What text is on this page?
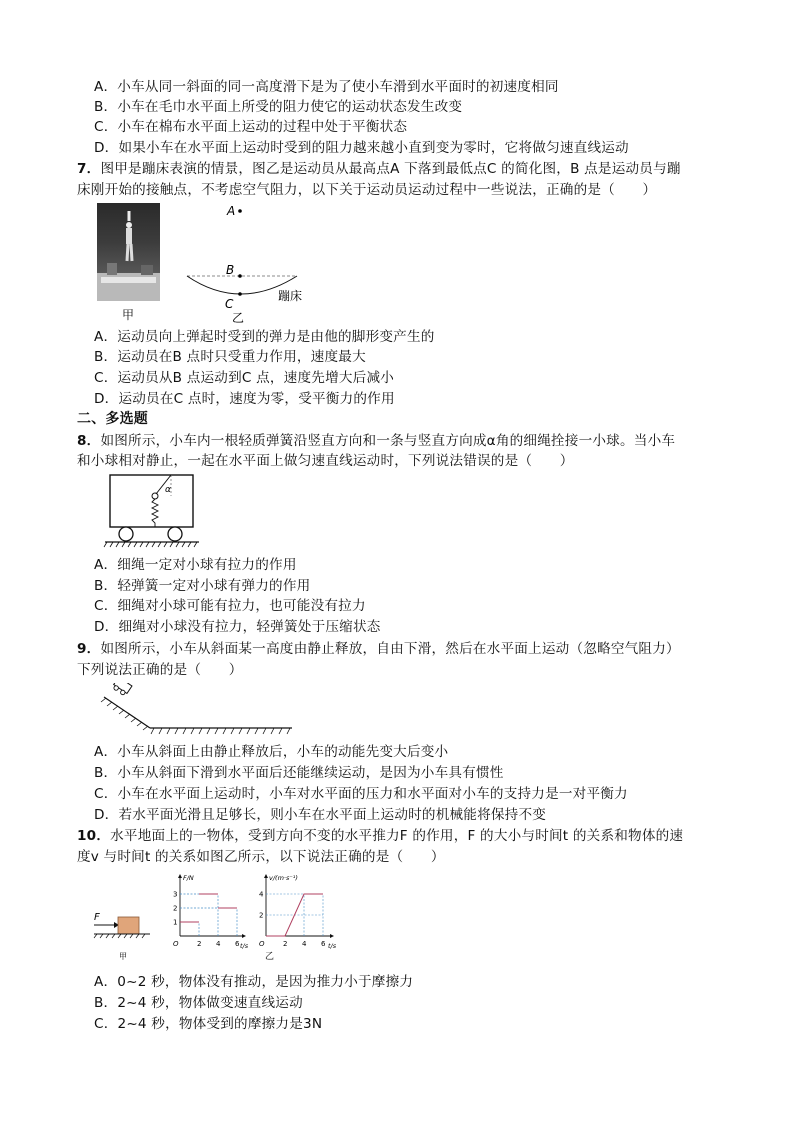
A．小车从同一斜面的同一高度滑下是为了使小车滑到水平面时的初速度相同
B．小车在毛巾水平面上所受的阻力使它的运动状态发生改变
C．小车在棉布水平面上运动的过程中处于平衡状态
D．如果小车在水平面上运动时受到的阻力越来越小直到变为零时，它将做匀速直线运动
7．图甲是蹦床表演的情景，图乙是运动员从最高点A 下落到最低点C 的简化图，B 点是运动员与蹦
床刚开始的接触点，不考虑空气阻力，以下关于运动员运动过程中一些说法，正确的是（　　）
甲
A
B
C
蹦床
乙
A．运动员向上弹起时受到的弹力是由他的脚形变产生的
B．运动员在B 点时只受重力作用，速度最大
C．运动员从B 点运动到C 点，速度先增大后减小
D．运动员在C 点时，速度为零，受平衡力的作用
二、多选题
8．如图所示，小车内一根轻质弹簧沿竖直方向和一条与竖直方向成α角的细绳拴接一小球。当小车
和小球相对静止，一起在水平面上做匀速直线运动时，下列说法错误的是（　　）
α
A．细绳一定对小球有拉力的作用
B．轻弹簧一定对小球有弹力的作用
C．细绳对小球可能有拉力，也可能没有拉力
D．细绳对小球没有拉力，轻弹簧处于压缩状态
9．如图所示，小车从斜面某一高度由静止释放，自由下滑，然后在水平面上运动（忽略空气阻力）
下列说法正确的是（　　）
A．小车从斜面上由静止释放后，小车的动能先变大后变小
B．小车从斜面下滑到水平面后还能继续运动，是因为小车具有惯性
C．小车在水平面上运动时，小车对水平面的压力和水平面对小车的支持力是一对平衡力
D．若水平面光滑且足够长，则小车在水平面上运动时的机械能将保持不变
10．水平地面上的一物体，受到方向不变的水平推力F 的作用，F 的大小与时间t 的关系和物体的速
度v 与时间t 的关系如图乙所示，以下说法正确的是（　　）
F
甲
F/N
t/s
O
1
2
3
2 4 6
v/(m·s⁻¹)
t/s
O
2
4
2 4 6
乙
A．0~2 秒，物体没有推动，是因为推力小于摩擦力
B．2~4 秒，物体做变速直线运动
C．2~4 秒，物体受到的摩擦力是3N
